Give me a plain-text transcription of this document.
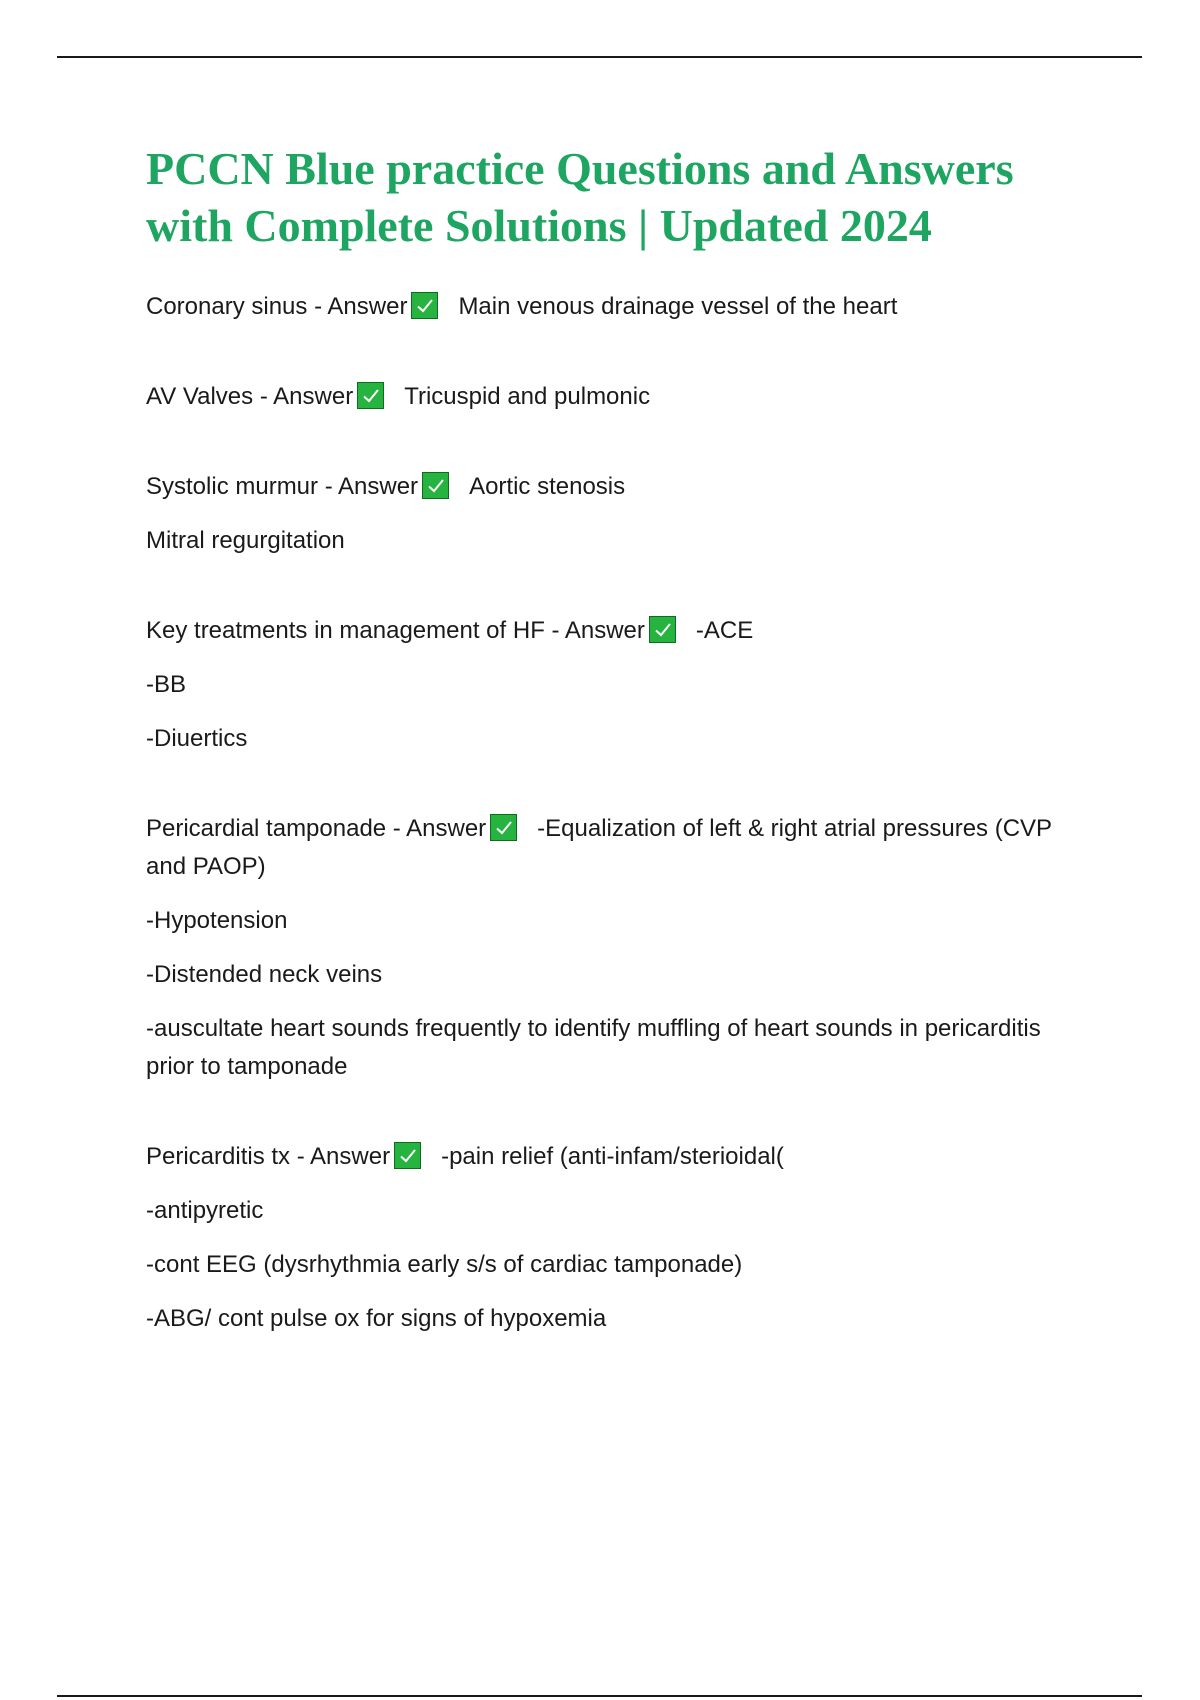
PCCN Blue practice Questions and Answers with Complete Solutions | Updated 2024
Coronary sinus - Answer Main venous drainage vessel of the heart
AV Valves - Answer Tricuspid and pulmonic
Systolic murmur - Answer Aortic stenosis
Mitral regurgitation
Key treatments in management of HF - Answer -ACE
-BB
-Diuertics
Pericardial tamponade - Answer -Equalization of left & right atrial pressures (CVP and PAOP)
-Hypotension
-Distended neck veins
-auscultate heart sounds frequently to identify muffling of heart sounds in pericarditis prior to tamponade
Pericarditis tx - Answer -pain relief (anti-infam/sterioidal(
-antipyretic
-cont EEG (dysrhythmia early s/s of cardiac tamponade)
-ABG/ cont pulse ox for signs of hypoxemia
